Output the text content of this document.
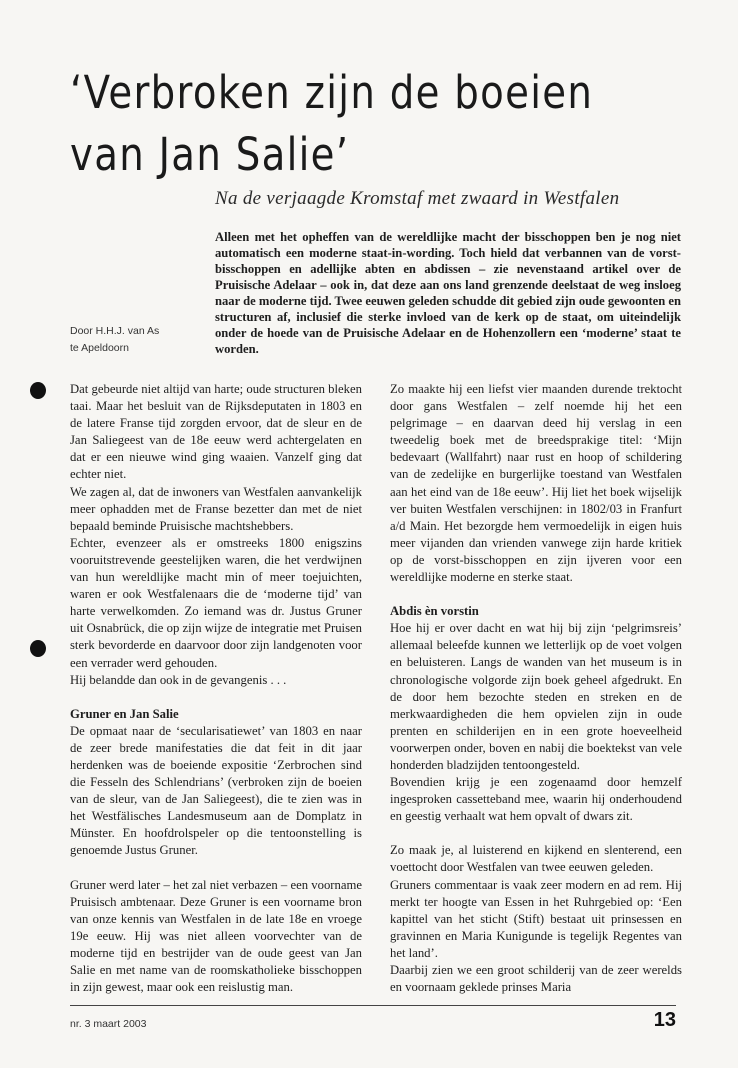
‘Verbroken zijn de boeien van Jan Salie’
Na de verjaagde Kromstaf met zwaard in Westfalen
Alleen met het opheffen van de wereldlijke macht der bisschoppen ben je nog niet automatisch een moderne staat-in-wording. Toch hield dat verbannen van de vorst-bisschoppen en adellijke abten en abdissen – zie nevenstaand artikel over de Pruisische Adelaar – ook in, dat deze aan ons land grenzende deelstaat de weg insloeg naar de moderne tijd. Twee eeuwen geleden schudde dit gebied zijn oude gewoonten en structuren af, inclusief die sterke invloed van de kerk op de staat, om uiteindelijk onder de hoede van de Pruisische Adelaar en de Hohenzollern een ‘moderne’ staat te worden.
Door H.H.J. van As
te Apeldoorn

Dat gebeurde niet altijd van harte; oude structuren bleken taai. Maar het besluit van de Rijksdeputaten in 1803 en de latere Franse tijd zorgden ervoor, dat de sleur en de Jan Saliegeest van de 18e eeuw werd achtergelaten en dat er een nieuwe wind ging waaien. Vanzelf ging dat echter niet.

We zagen al, dat de inwoners van Westfalen aanvankelijk meer ophadden met de Franse bezetter dan met de niet bepaald beminde Pruisische machtshebbers.

Echter, evenzeer als er omstreeks 1800 enigszins vooruitstrevende geestelijken waren, die het verdwijnen van hun wereldlijke macht min of meer toejuichten, waren er ook Westfalenaars die de ‘moderne tijd’ van harte verwelkomden. Zo iemand was dr. Justus Gruner uit Osnabrück, die op zijn wijze de integratie met Pruisen sterk bevorderde en daarvoor door zijn landgenoten voor een verrader werd gehouden.

Hij belandde dan ook in de gevangenis . . .

Gruner en Jan Salie

De opmaat naar de ‘secularisatiewet’ van 1803 en naar de zeer brede manifestaties die dat feit in dit jaar herdenken was de boeiende expositie ‘Zerbrochen sind die Fesseln des Schlendrians’ (verbroken zijn de boeien van de sleur, van de Jan Saliegeest), die te zien was in het Westfälisches Landesmuseum aan de Domplatz in Münster. En hoofdrolspeler op die tentoonstelling is genoemde Justus Gruner.

Gruner werd later – het zal niet verbazen – een voorname Pruisisch ambtenaar. Deze Gruner is een voorname bron van onze kennis van Westfalen in de late 18e en vroege 19e eeuw. Hij was niet alleen voorvechter van de moderne tijd en bestrijder van de oude geest van Jan Salie en met name van de roomskatholieke bisschoppen in zijn gewest, maar ook een reislustig man.

Zo maakte hij een liefst vier maanden durende trektocht door gans Westfalen – zelf noemde hij het een pelgrimage – en daarvan deed hij verslag in een tweedelig boek met de breedsprakige titel: ‘Mijn bedevaart (Wallfahrt) naar rust en hoop of schildering van de zedelijke en burgerlijke toestand van Westfalen aan het eind van de 18e eeuw’. Hij liet het boek wijselijk ver buiten Westfalen verschijnen: in 1802/03 in Franfurt a/d Main. Het bezorgde hem vermoedelijk in eigen huis meer vijanden dan vrienden vanwege zijn harde kritiek op de vorst-bisschoppen en zijn ijveren voor een wereldlijke moderne en sterke staat.

Abdis èn vorstin

Hoe hij er over dacht en wat hij bij zijn ‘pelgrimsreis’ allemaal beleefde kunnen we letterlijk op de voet volgen en beluisteren. Langs de wanden van het museum is in chronologische volgorde zijn boek geheel afgedrukt. En de door hem bezochte steden en streken en de merkwaardigheden die hem opvielen zijn in oude prenten en schilderijen en in een grote hoeveelheid voorwerpen onder, boven en nabij die boektekst van vele honderden bladzijden tentoongesteld.

Bovendien krijg je een zogenaamd door hemzelf ingesproken cassetteband mee, waarin hij onderhoudend en geestig verhaalt wat hem opvalt of dwars zit.

Zo maak je, al luisterend en kijkend en slenterend, een voettocht door Westfalen van twee eeuwen geleden.

Gruners commentaar is vaak zeer modern en ad rem. Hij merkt ter hoogte van Essen in het Ruhrgebied op: ‘Een kapittel van het sticht (Stift) bestaat uit prinsessen en gravinnen en Maria Kunigunde is tegelijk Regentes van het land’.

Daarbij zien we een groot schilderij van de zeer werelds en voornaam geklede prinses Maria

nr. 3 maart 2003	13
